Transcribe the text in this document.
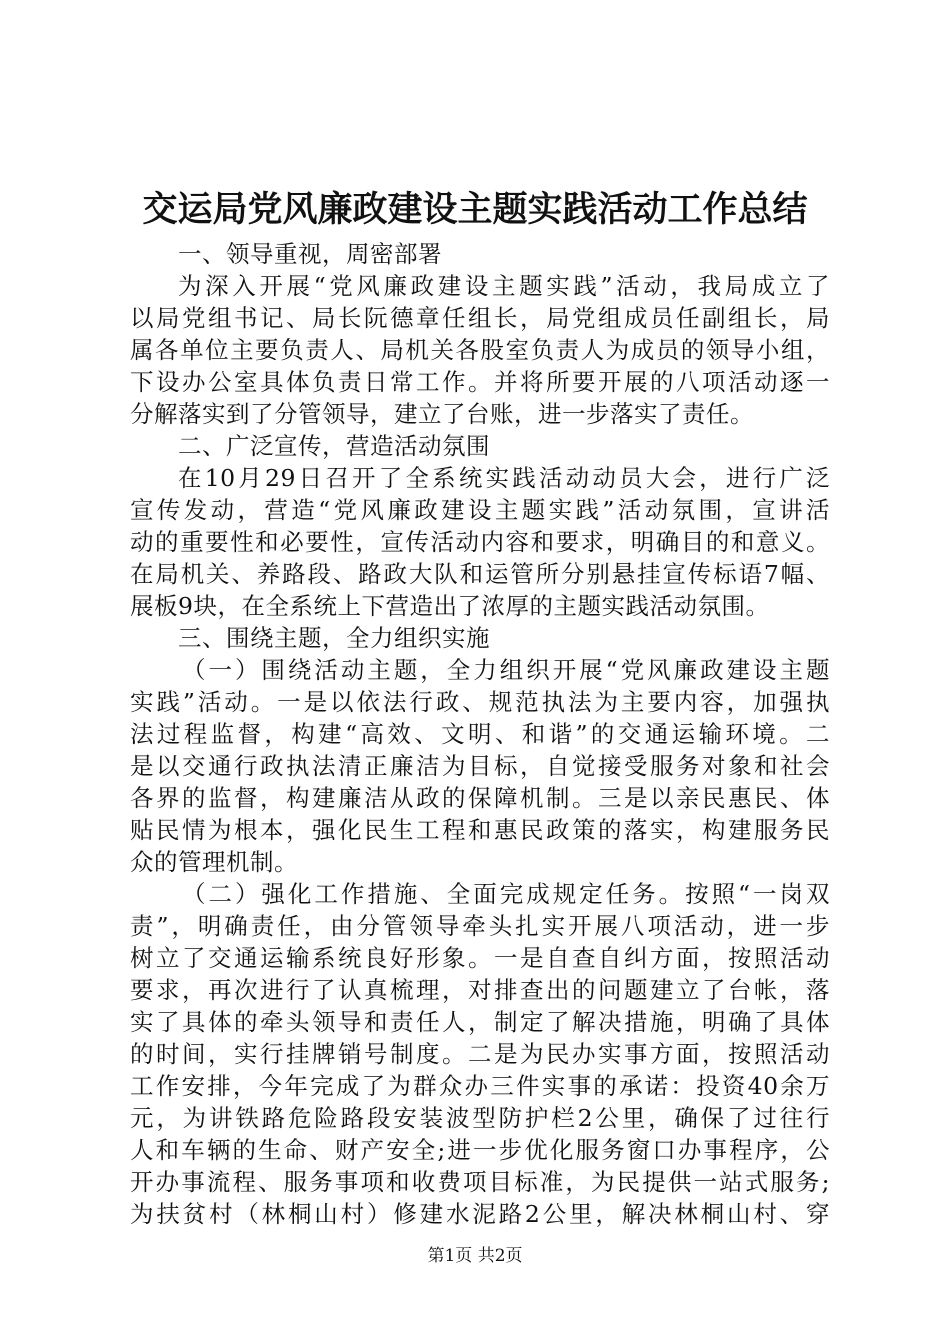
交运局党风廉政建设主题实践活动工作总结
一、领导重视，周密部署
为深入开展“党风廉政建设主题实践”活动，我局成立了
以局党组书记、局长阮德章任组长，局党组成员任副组长，局
属各单位主要负责人、局机关各股室负责人为成员的领导小组，
下设办公室具体负责日常工作。并将所要开展的八项活动逐一
分解落实到了分管领导，建立了台账，进一步落实了责任。
二、广泛宣传，营造活动氛围
在10月29日召开了全系统实践活动动员大会，进行广泛
宣传发动，营造“党风廉政建设主题实践”活动氛围，宣讲活
动的重要性和必要性，宣传活动内容和要求，明确目的和意义。
在局机关、养路段、路政大队和运管所分别悬挂宣传标语7幅、
展板9块，在全系统上下营造出了浓厚的主题实践活动氛围。
三、围绕主题，全力组织实施
（一）围绕活动主题，全力组织开展“党风廉政建设主题
实践”活动。一是以依法行政、规范执法为主要内容，加强执
法过程监督，构建“高效、文明、和谐”的交通运输环境。二
是以交通行政执法清正廉洁为目标，自觉接受服务对象和社会
各界的监督，构建廉洁从政的保障机制。三是以亲民惠民、体
贴民情为根本，强化民生工程和惠民政策的落实，构建服务民
众的管理机制。
（二）强化工作措施、全面完成规定任务。按照“一岗双
责”，明确责任，由分管领导牵头扎实开展八项活动，进一步
树立了交通运输系统良好形象。一是自查自纠方面，按照活动
要求，再次进行了认真梳理，对排查出的问题建立了台帐，落
实了具体的牵头领导和责任人，制定了解决措施，明确了具体
的时间，实行挂牌销号制度。二是为民办实事方面，按照活动
工作安排，今年完成了为群众办三件实事的承诺：投资40余万
元，为讲铁路危险路段安装波型防护栏2公里，确保了过往行
人和车辆的生命、财产安全;进一步优化服务窗口办事程序，公
开办事流程、服务事项和收费项目标准，为民提供一站式服务;
为扶贫村（林桐山村）修建水泥路2公里，解决林桐山村、穿
第1页 共2页
